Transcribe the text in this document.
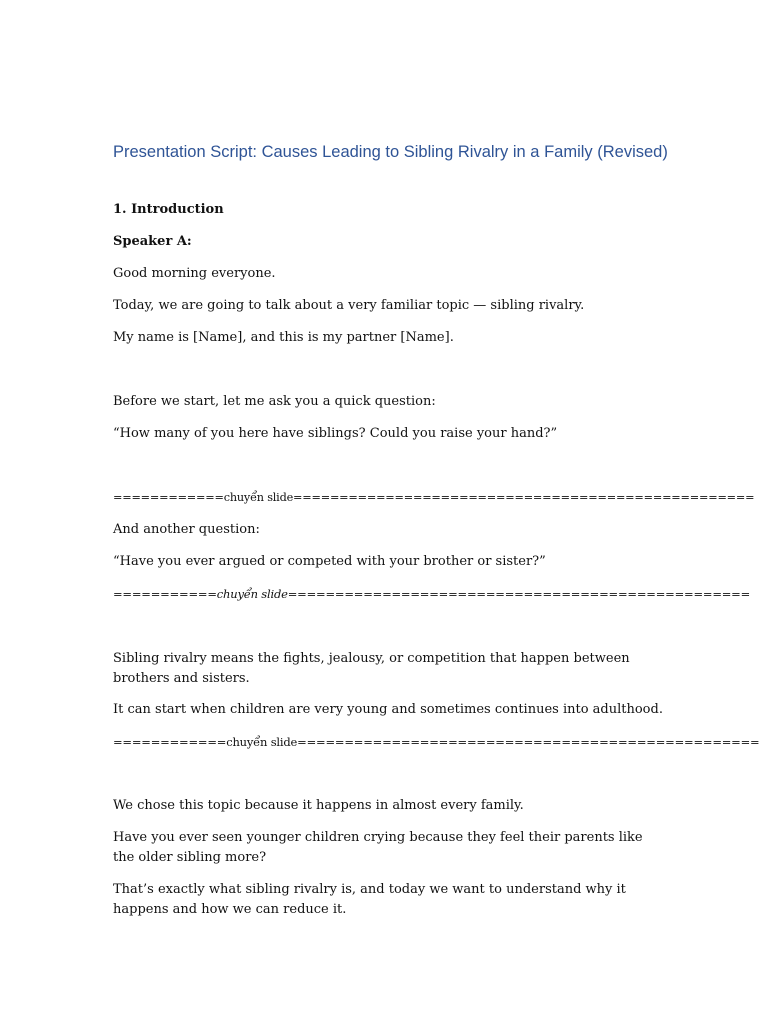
Presentation Script: Causes Leading to Sibling Rivalry in a Family (Revised)

1. Introduction

Speaker A:

Good morning everyone.

Today, we are going to talk about a very familiar topic — sibling rivalry.

My name is [Name], and this is my partner [Name].

Before we start, let me ask you a quick question:

“How many of you here have siblings? Could you raise your hand?”

============chuyển slide==================================================

And another question:

“Have you ever argued or competed with your brother or sister?”

===========chuyển slide=================================================

Sibling rivalry means the fights, jealousy, or competition that happen between brothers and sisters.

It can start when children are very young and sometimes continues into adulthood.

============chuyển slide=================================================

We chose this topic because it happens in almost every family.

Have you ever seen younger children crying because they feel their parents like the older sibling more?

That’s exactly what sibling rivalry is, and today we want to understand why it happens and how we can reduce it.
